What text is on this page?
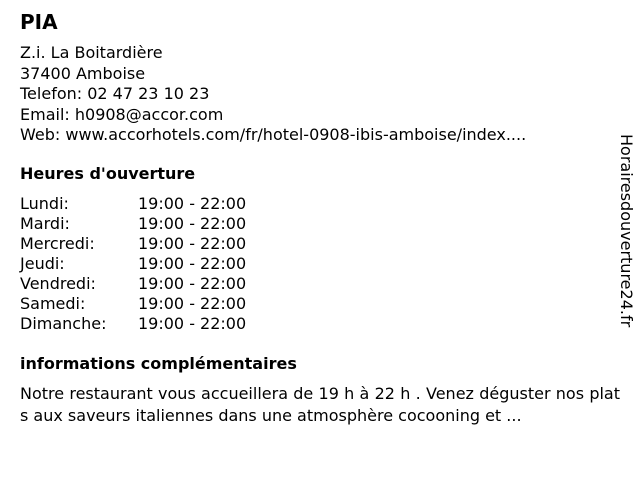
PIA
Z.i. La Boitardière
37400 Amboise
Telefon: 02 47 23 10 23
Email: h0908@accor.com
Web: www.accorhotels.com/fr/hotel-0908-ibis-amboise/index....
Heures d'ouverture
Lundi:	19:00 - 22:00
Mardi:	19:00 - 22:00
Mercredi:	19:00 - 22:00
Jeudi:	19:00 - 22:00
Vendredi:	19:00 - 22:00
Samedi:	19:00 - 22:00
Dimanche:	19:00 - 22:00
informations complémentaires

Notre restaurant vous accueillera de 19 h à 22 h . Venez déguster nos plats aux saveurs italiennes dans une atmosphère cocooning et ...

Horairesdouverture24.fr
